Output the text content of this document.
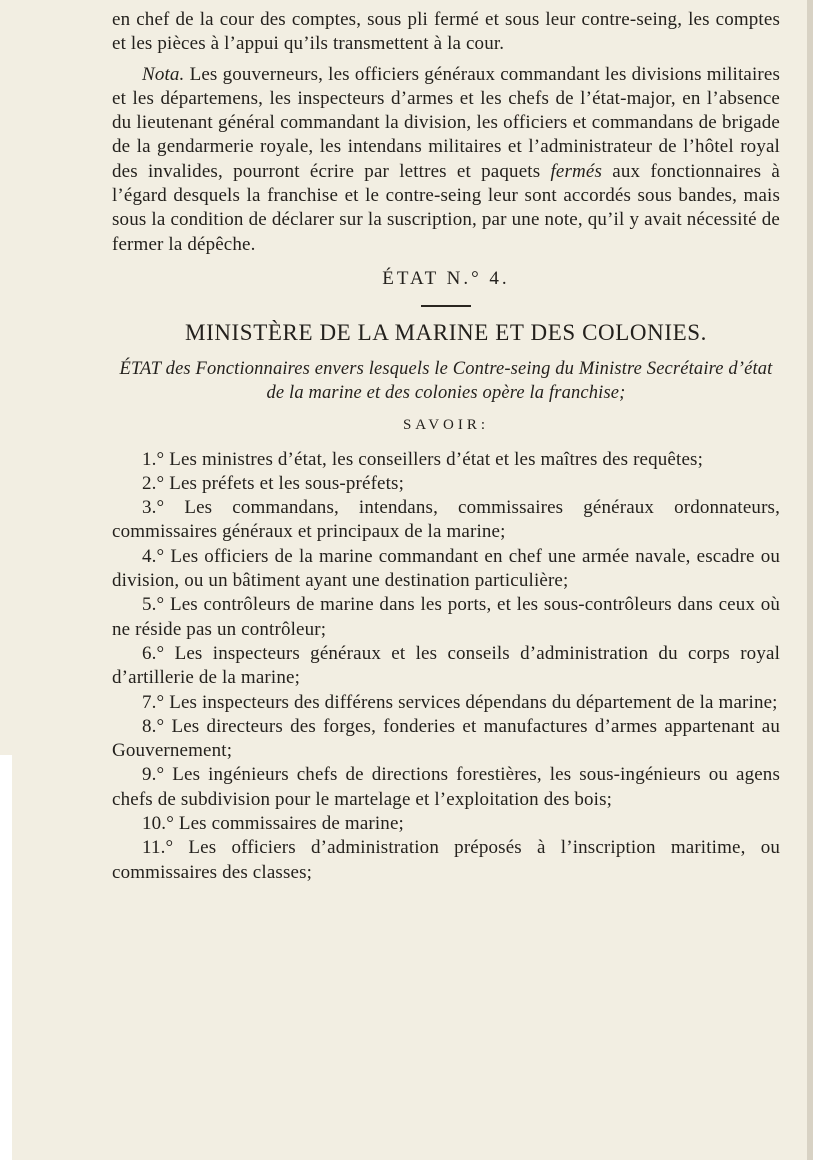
en chef de la cour des comptes, sous pli fermé et sous leur contre-seing, les comptes et les pièces à l’appui qu’ils transmettent à la cour.

Nota. Les gouverneurs, les officiers généraux commandant les divisions militaires et les départemens, les inspecteurs d’armes et les chefs de l’état-major, en l’absence du lieutenant général commandant la division, les officiers et commandans de brigade de la gendarmerie royale, les intendans militaires et l’administrateur de l’hôtel royal des invalides, pourront écrire par lettres et paquets fermés aux fonctionnaires à l’égard desquels la franchise et le contre-seing leur sont accordés sous bandes, mais sous la condition de déclarer sur la suscription, par une note, qu’il y avait nécessité de fermer la dépêche.

ÉTAT N.° 4.

MINISTÈRE DE LA MARINE ET DES COLONIES.

ÉTAT des Fonctionnaires envers lesquels le Contre-seing du Ministre Secrétaire d’état de la marine et des colonies opère la franchise;

SAVOIR:

1.° Les ministres d’état, les conseillers d’état et les maîtres des requêtes;

2.° Les préfets et les sous-préfets;

3.° Les commandans, intendans, commissaires généraux ordonnateurs, commissaires généraux et principaux de la marine;

4.° Les officiers de la marine commandant en chef une armée navale, escadre ou division, ou un bâtiment ayant une destination particulière;

5.° Les contrôleurs de marine dans les ports, et les sous-contrôleurs dans ceux où ne réside pas un contrôleur;

6.° Les inspecteurs généraux et les conseils d’administration du corps royal d’artillerie de la marine;

7.° Les inspecteurs des différens services dépendans du département de la marine;

8.° Les directeurs des forges, fonderies et manufactures d’armes appartenant au Gouvernement;

9.° Les ingénieurs chefs de directions forestières, les sous-ingénieurs ou agens chefs de subdivision pour le martelage et l’exploitation des bois;

10.° Les commissaires de marine;

11.° Les officiers d’administration préposés à l’inscription maritime, ou commissaires des classes;
